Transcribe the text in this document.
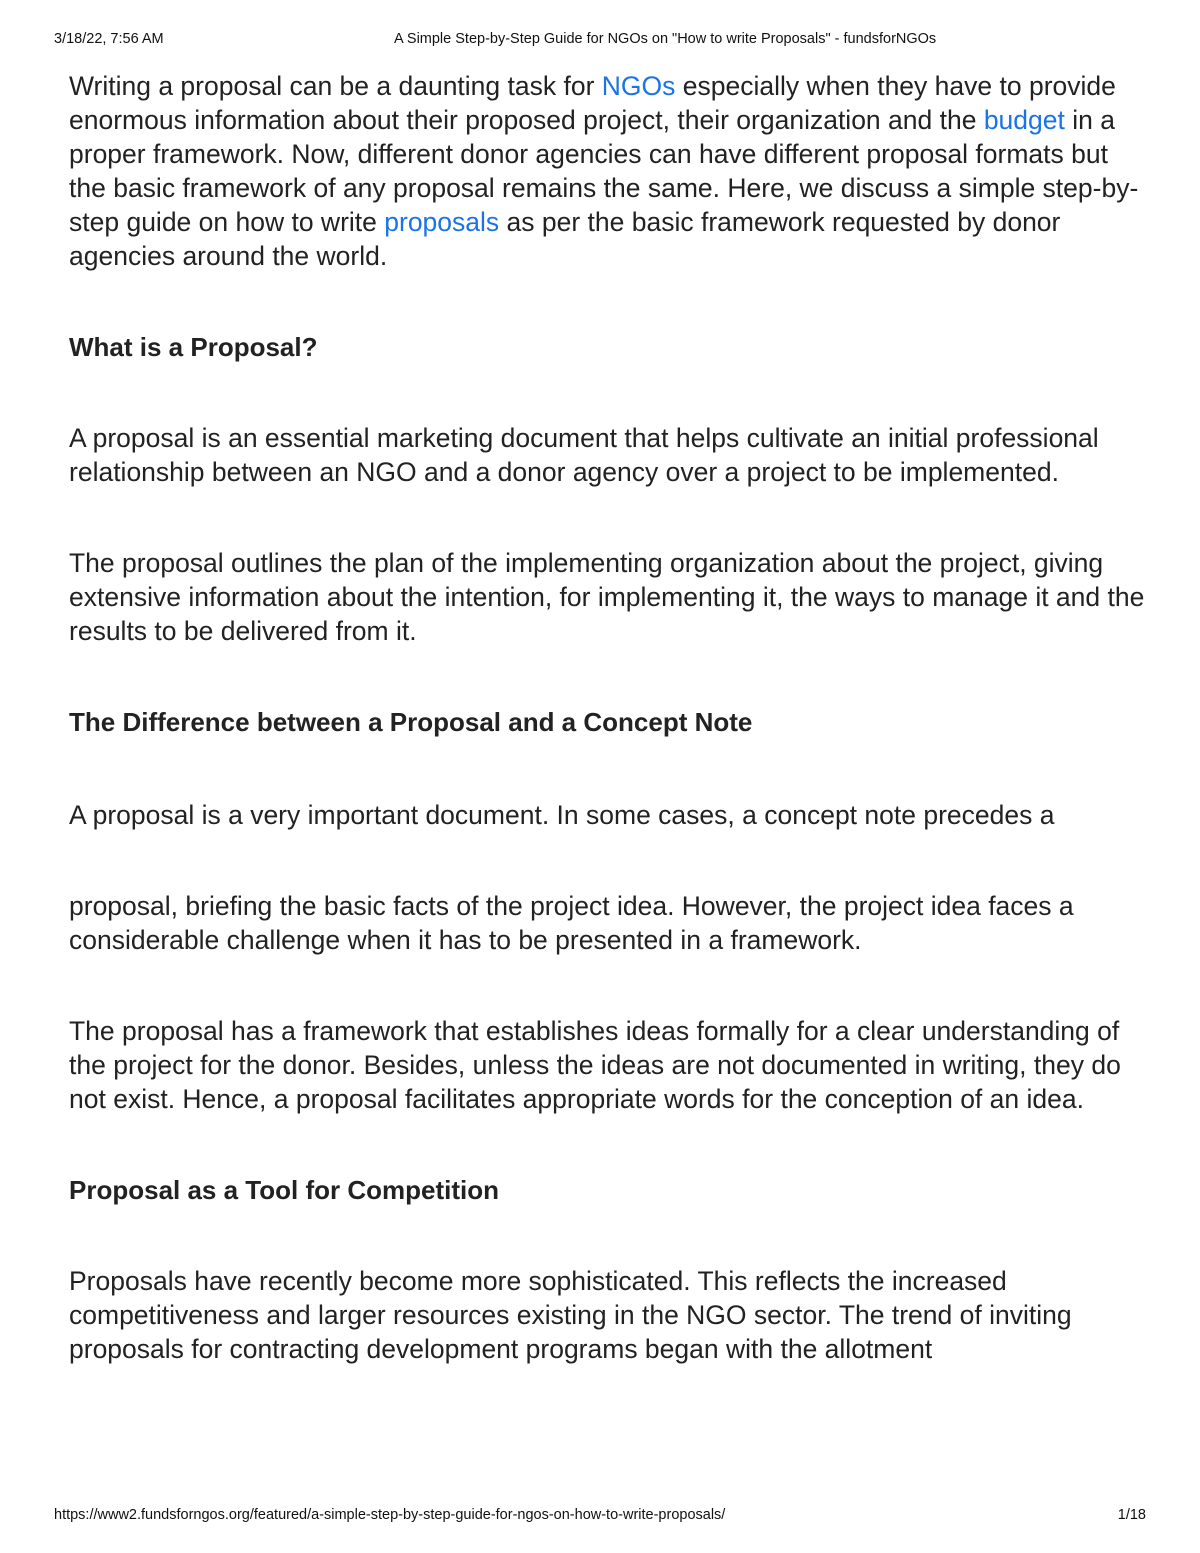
3/18/22, 7:56 AM	A Simple Step-by-Step Guide for NGOs on "How to write Proposals" - fundsforNGOs

Writing a proposal can be a daunting task for NGOs especially when they have to provide enormous information about their proposed project, their organization and the budget in a proper framework. Now, different donor agencies can have different proposal formats but the basic framework of any proposal remains the same. Here, we discuss a simple step-by-step guide on how to write proposals as per the basic framework requested by donor agencies around the world.

What is a Proposal?

A proposal is an essential marketing document that helps cultivate an initial professional relationship between an NGO and a donor agency over a project to be implemented.

The proposal outlines the plan of the implementing organization about the project, giving extensive information about the intention, for implementing it, the ways to manage it and the results to be delivered from it.

The Difference between a Proposal and a Concept Note

A proposal is a very important document. In some cases, a concept note precedes a

proposal, briefing the basic facts of the project idea. However, the project idea faces a considerable challenge when it has to be presented in a framework.

The proposal has a framework that establishes ideas formally for a clear understanding of the project for the donor. Besides, unless the ideas are not documented in writing, they do not exist. Hence, a proposal facilitates appropriate words for the conception of an idea.

Proposal as a Tool for Competition

Proposals have recently become more sophisticated. This reflects the increased competitiveness and larger resources existing in the NGO sector. The trend of inviting proposals for contracting development programs began with the allotment

https://www2.fundsforngos.org/featured/a-simple-step-by-step-guide-for-ngos-on-how-to-write-proposals/	1/18
